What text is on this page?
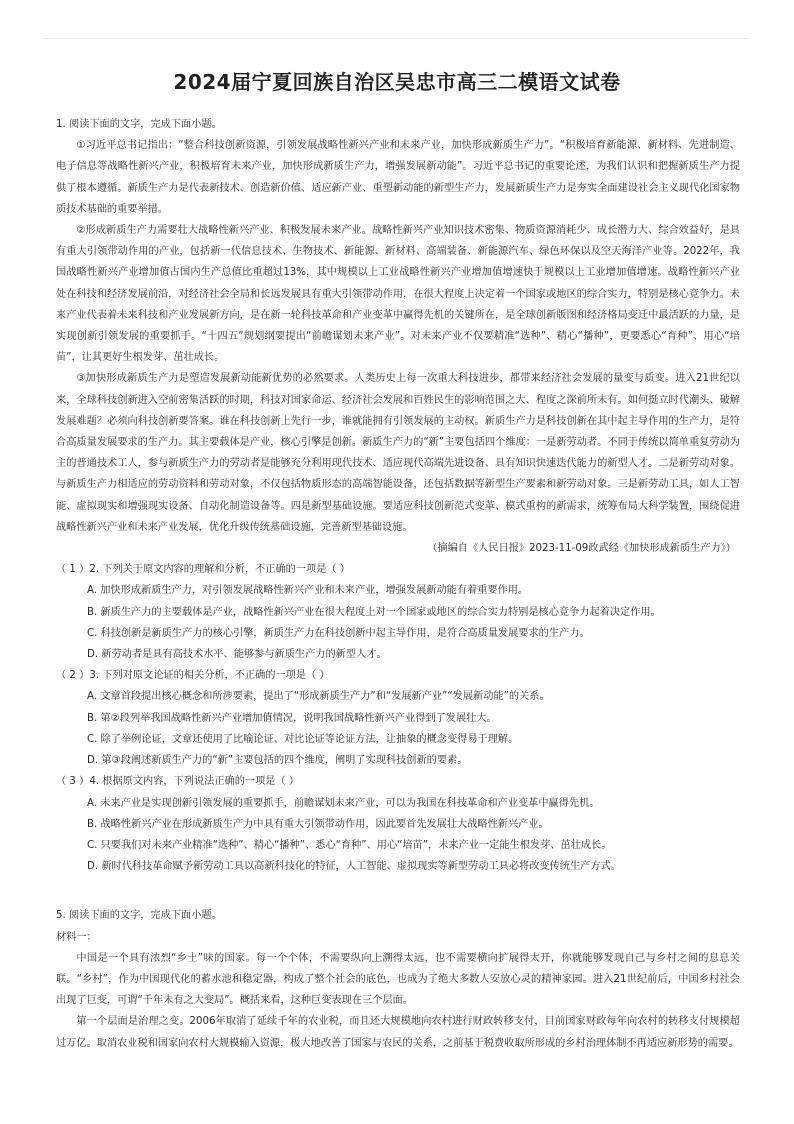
2024届宁夏回族自治区吴忠市高三二模语文试卷

1. 阅读下面的文字，完成下面小题。

①习近平总书记指出：“整合科技创新资源，引领发展战略性新兴产业和未来产业，加快形成新质生产力”。“积极培育新能源、新材料、先进制造、电子信息等战略性新兴产业，积极培育未来产业，加快形成新质生产力，增强发展新动能”。习近平总书记的重要论述，为我们认识和把握新质生产力提供了根本遵循。新质生产力是代表新技术、创造新价值、适应新产业、重塑新动能的新型生产力，发展新质生产力是夯实全面建设社会主义现代化国家物质技术基础的重要举措。

②形成新质生产力需要壮大战略性新兴产业、积极发展未来产业。战略性新兴产业知识技术密集、物质资源消耗少、成长潜力大、综合效益好，是具有重大引领带动作用的产业，包括新一代信息技术、生物技术、新能源、新材料、高端装备、新能源汽车、绿色环保以及空天海洋产业等。2022年，我国战略性新兴产业增加值占国内生产总值比重超过13%，其中规模以上工业战略性新兴产业增加值增速快于规模以上工业增加值增速。战略性新兴产业处在科技和经济发展前沿，对经济社会全局和长远发展具有重大引领带动作用，在很大程度上决定着一个国家或地区的综合实力，特别是核心竞争力。未来产业代表着未来科技和产业发展新方向，是在新一轮科技革命和产业变革中赢得先机的关键所在，是全球创新版图和经济格局变迁中最活跃的力量，是实现创新引领发展的重要抓手。“十四五”规划纲要提出“前瞻谋划未来产业”。对未来产业不仅要精准“选种”、精心“播种”，更要悉心“育种”、用心“培苗”，让其更好生根发芽、茁壮成长。

③加快形成新质生产力是塑造发展新动能新优势的必然要求。人类历史上每一次重大科技进步，都带来经济社会发展的量变与质变。进入21世纪以来，全球科技创新进入空前密集活跃的时期，科技对国家命运、经济社会发展和百姓民生的影响范围之大、程度之深前所未有。如何挺立时代潮头、破解发展难题？必须向科技创新要答案。谁在科技创新上先行一步，谁就能拥有引领发展的主动权。新质生产力是科技创新在其中起主导作用的生产力，是符合高质量发展要求的生产力。其主要载体是产业，核心引擎是创新。新质生产力的“新”主要包括四个维度：一是新劳动者。不同于传统以简单重复劳动为主的普通技术工人，参与新质生产力的劳动者是能够充分利用现代技术、适应现代高端先进设备、具有知识快速迭代能力的新型人才。二是新劳动对象。与新质生产力相适应的劳动资料和劳动对象，不仅包括物质形态的高端智能设备，还包括数据等新型生产要素和新劳动对象。三是新劳动工具，如人工智能、虚拟现实和增强现实设备、自动化制造设备等。四是新型基础设施。要适应科技创新范式变革、模式重构的新需求，统筹布局大科学装置，围绕促进战略性新兴产业和未来产业发展，优化升级传统基础设施，完善新型基础设施。

（摘编自《人民日报》2023-11-09政武经《加快形成新质生产力》）

（ 1 ）2. 下列关于原文内容的理解和分析，不正确的一项是（ ）

A. 加快形成新质生产力，对引领发展战略性新兴产业和未来产业，增强发展新动能有着重要作用。

B. 新质生产力的主要载体是产业，战略性新兴产业在很大程度上对一个国家或地区的综合实力特别是核心竞争力起着决定作用。

C. 科技创新是新质生产力的核心引擎，新质生产力在科技创新中起主导作用，是符合高质量发展要求的生产力。

D. 新劳动者是具有高技术水平、能够参与新质生产力的新型人才。

（ 2 ）3. 下列对原文论证的相关分析，不正确的一项是（ ）

A. 文章首段提出核心概念和所涉要素，提出了“形成新质生产力”和“发展新产业”“发展新动能”的关系。

B. 第②段列举我国战略性新兴产业增加值情况，说明我国战略性新兴产业得到了发展壮大。

C. 除了举例论证，文章还使用了比喻论证、对比论证等论证方法，让抽象的概念变得易于理解。

D. 第③段阐述新质生产力的“新”主要包括的四个维度，阐明了实现科技创新的要素。

（ 3 ）4. 根据原文内容，下列说法正确的一项是（ ）

A. 未来产业是实现创新引领发展的重要抓手，前瞻谋划未来产业，可以为我国在科技革命和产业变革中赢得先机。

B. 战略性新兴产业在形成新质生产力中具有重大引领带动作用，因此要首先发展壮大战略性新兴产业。

C. 只要我们对未来产业精准“选种”、精心“播种”、悉心“育种”、用心“培苗”，未来产业一定能生根发芽、茁壮成长。

D. 新时代科技革命赋予新劳动工具以高新科技化的特征，人工智能、虚拟现实等新型劳动工具必将改变传统生产方式。

5. 阅读下面的文字，完成下面小题。

材料一：

中国是一个具有浓烈“乡土”味的国家。每一个个体，不需要纵向上溯得太远，也不需要横向扩展得太开，你就能够发现自己与乡村之间的息息关联。“乡村”，作为中国现代化的蓄水池和稳定器，构成了整个社会的底色，也成为了绝大多数人安放心灵的精神家园。进入21世纪前后，中国乡村社会出现了巨变，可谓“千年未有之大变局”。概括来看，这种巨变表现在三个层面。

第一个层面是治理之变。2006年取消了延续千年的农业税，而且还大规模地向农村进行财政转移支付，目前国家财政每年向农村的转移支付规模超过万亿。取消农业税和国家向农村大规模输入资源，极大地改善了国家与农民的关系，之前基于税费收取所形成的乡村治理体制不再适应新形势的需要。
